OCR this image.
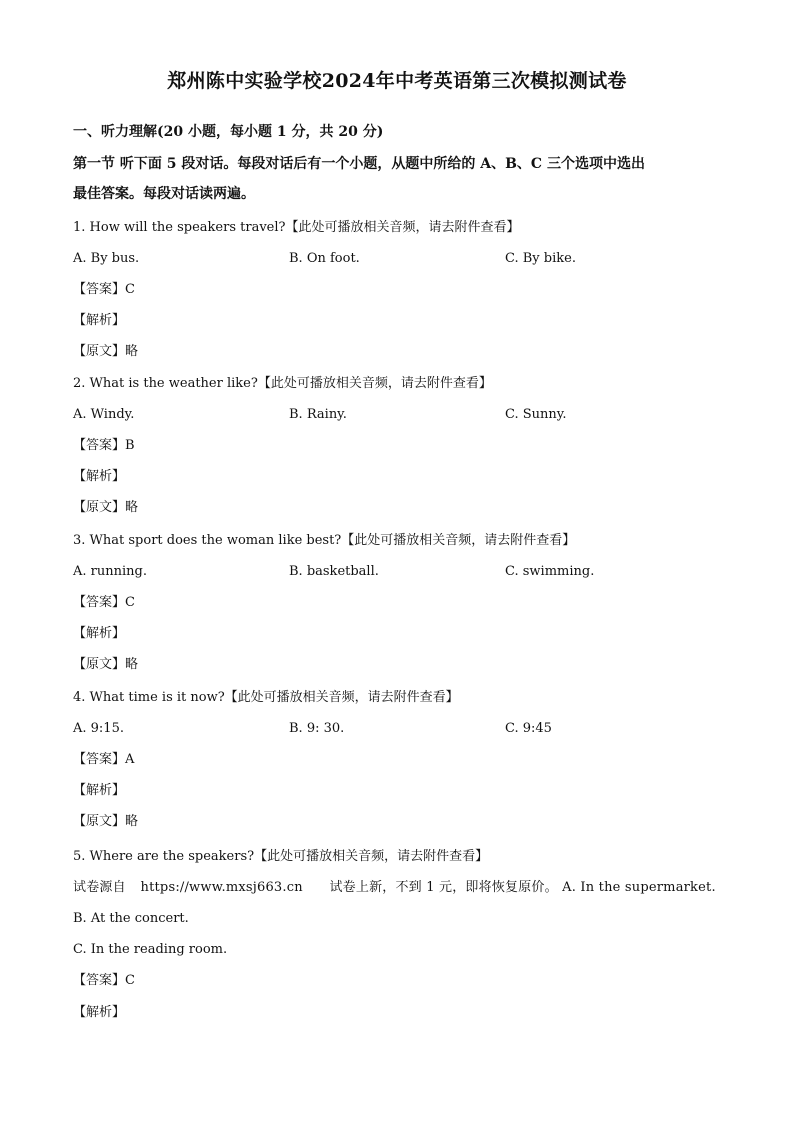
郑州陈中实验学校2024年中考英语第三次模拟测试卷
一、听力理解(20 小题，每小题 1 分，共 20 分)
第一节 听下面 5 段对话。每段对话后有一个小题，从题中所给的 A、B、C 三个选项中选出
最佳答案。每段对话读两遍。
1. How will the speakers travel?【此处可播放相关音频，请去附件查看】
A. By bus.	B. On foot.	C. By bike.
【答案】C
【解析】
【原文】略
2. What is the weather like?【此处可播放相关音频，请去附件查看】
A. Windy.	B. Rainy.	C. Sunny.
【答案】B
【解析】
【原文】略
3. What sport does the woman like best?【此处可播放相关音频，请去附件查看】
A. running.	B. basketball.	C. swimming.
【答案】C
【解析】
【原文】略
4. What time is it now?【此处可播放相关音频，请去附件查看】
A. 9:15.	B. 9: 30.	C. 9:45
【答案】A
【解析】
【原文】略
5. Where are the speakers?【此处可播放相关音频，请去附件查看】
试卷源自 https://www.mxsj663.cn 试卷上新，不到 1 元，即将恢复原价。 A. In the supermarket.
B. At the concert.
C. In the reading room.
【答案】C
【解析】
